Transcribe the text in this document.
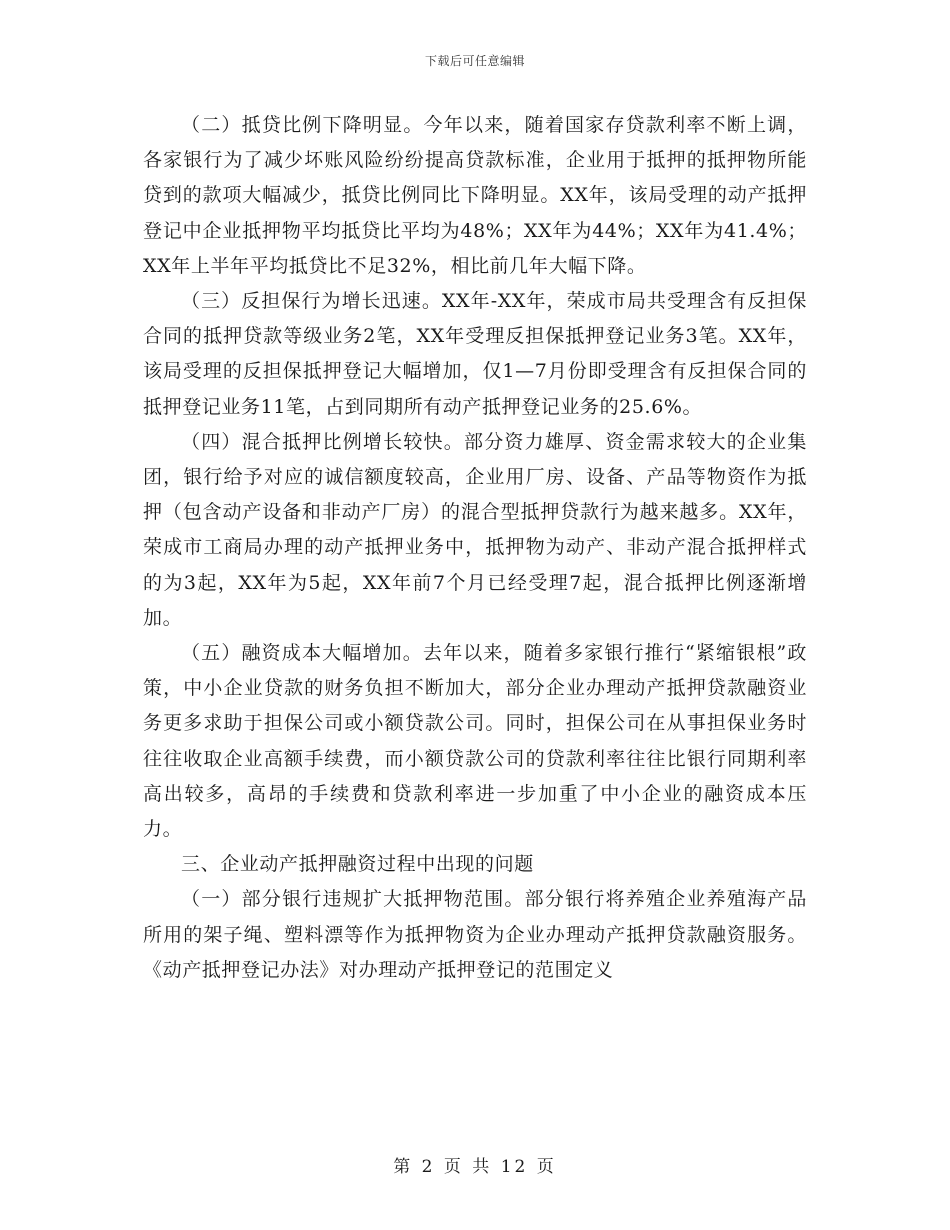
下载后可任意编辑

（二）抵贷比例下降明显。今年以来，随着国家存贷款利率不断上调，各家银行为了减少坏账风险纷纷提高贷款标准，企业用于抵押的抵押物所能贷到的款项大幅减少，抵贷比例同比下降明显。XX年，该局受理的动产抵押登记中企业抵押物平均抵贷比平均为48%；XX年为44%；XX年为41.4%；XX年上半年平均抵贷比不足32%，相比前几年大幅下降。

（三）反担保行为增长迅速。XX年-XX年，荣成市局共受理含有反担保合同的抵押贷款等级业务2笔，XX年受理反担保抵押登记业务3笔。XX年，该局受理的反担保抵押登记大幅增加，仅1—7月份即受理含有反担保合同的抵押登记业务11笔，占到同期所有动产抵押登记业务的25.6%。

（四）混合抵押比例增长较快。部分资力雄厚、资金需求较大的企业集团，银行给予对应的诚信额度较高，企业用厂房、设备、产品等物资作为抵押（包含动产设备和非动产厂房）的混合型抵押贷款行为越来越多。XX年，荣成市工商局办理的动产抵押业务中，抵押物为动产、非动产混合抵押样式的为3起，XX年为5起，XX年前7个月已经受理7起，混合抵押比例逐渐增加。

（五）融资成本大幅增加。去年以来，随着多家银行推行“紧缩银根”政策，中小企业贷款的财务负担不断加大，部分企业办理动产抵押贷款融资业务更多求助于担保公司或小额贷款公司。同时，担保公司在从事担保业务时往往收取企业高额手续费，而小额贷款公司的贷款利率往往比银行同期利率高出较多，高昂的手续费和贷款利率进一步加重了中小企业的融资成本压力。

三、企业动产抵押融资过程中出现的问题

（一）部分银行违规扩大抵押物范围。部分银行将养殖企业养殖海产品所用的架子绳、塑料漂等作为抵押物资为企业办理动产抵押贷款融资服务。《动产抵押登记办法》对办理动产抵押登记的范围定义

第 2 页 共 12 页
